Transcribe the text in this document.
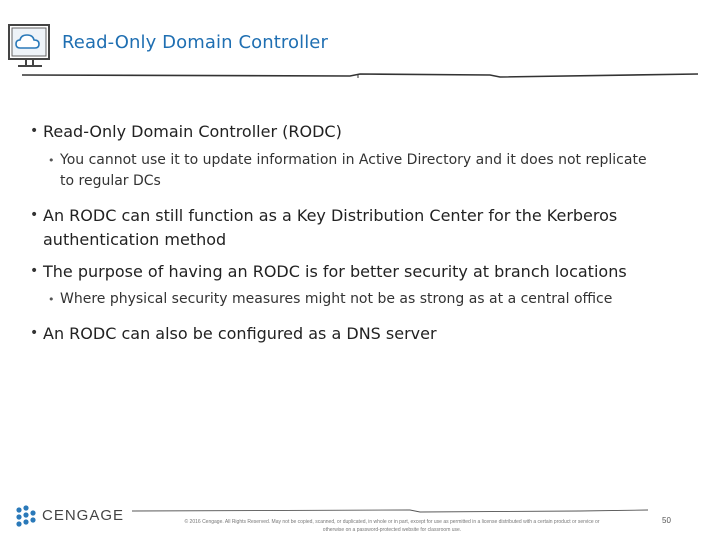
Read-Only Domain Controller
• Read-Only Domain Controller (RODC)
• You cannot use it to update information in Active Directory and it does not replicate
to regular DCs
• An RODC can still function as a Key Distribution Center for the Kerberos
authentication method
• The purpose of having an RODC is for better security at branch locations
• Where physical security measures might not be as strong as at a central office
• An RODC can also be configured as a DNS server
CENGAGE	© 2016 Cengage. All Rights Reserved. May not be copied, scanned, or duplicated, in whole or in part, except for use as permitted in a license distributed with a certain product or service or
otherwise on a password-protected website for classroom use.
50
